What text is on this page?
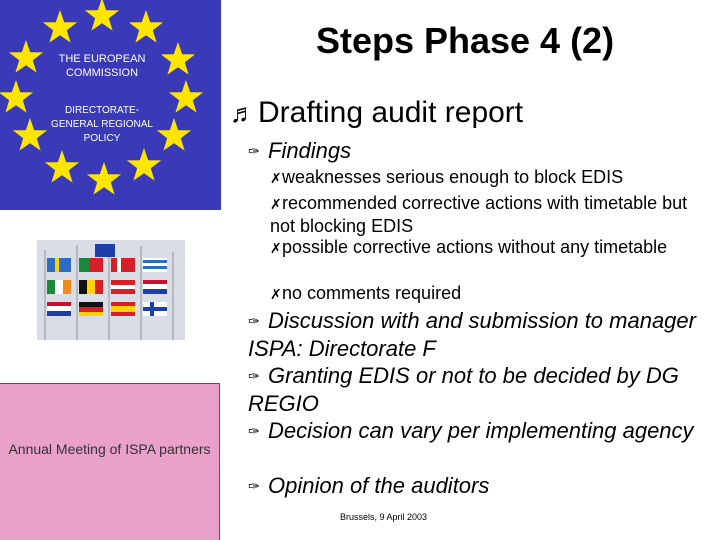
THE EUROPEAN COMMISSION
DIRECTORATE-GENERAL REGIONAL POLICY
Annual Meeting of ISPA partners
Steps Phase 4 (2)
♬Drafting audit report
✑ Findings
✗weaknesses serious enough to block EDIS
✗recommended corrective actions with timetable but not blocking EDIS
✗possible corrective actions without any timetable
✗no comments required
✑ Discussion with and submission to manager ISPA: Directorate F
✑ Granting EDIS or not to be decided by DG REGIO
✑ Decision can vary per implementing agency
✑ Opinion of the auditors
Brussels, 9 April 2003
